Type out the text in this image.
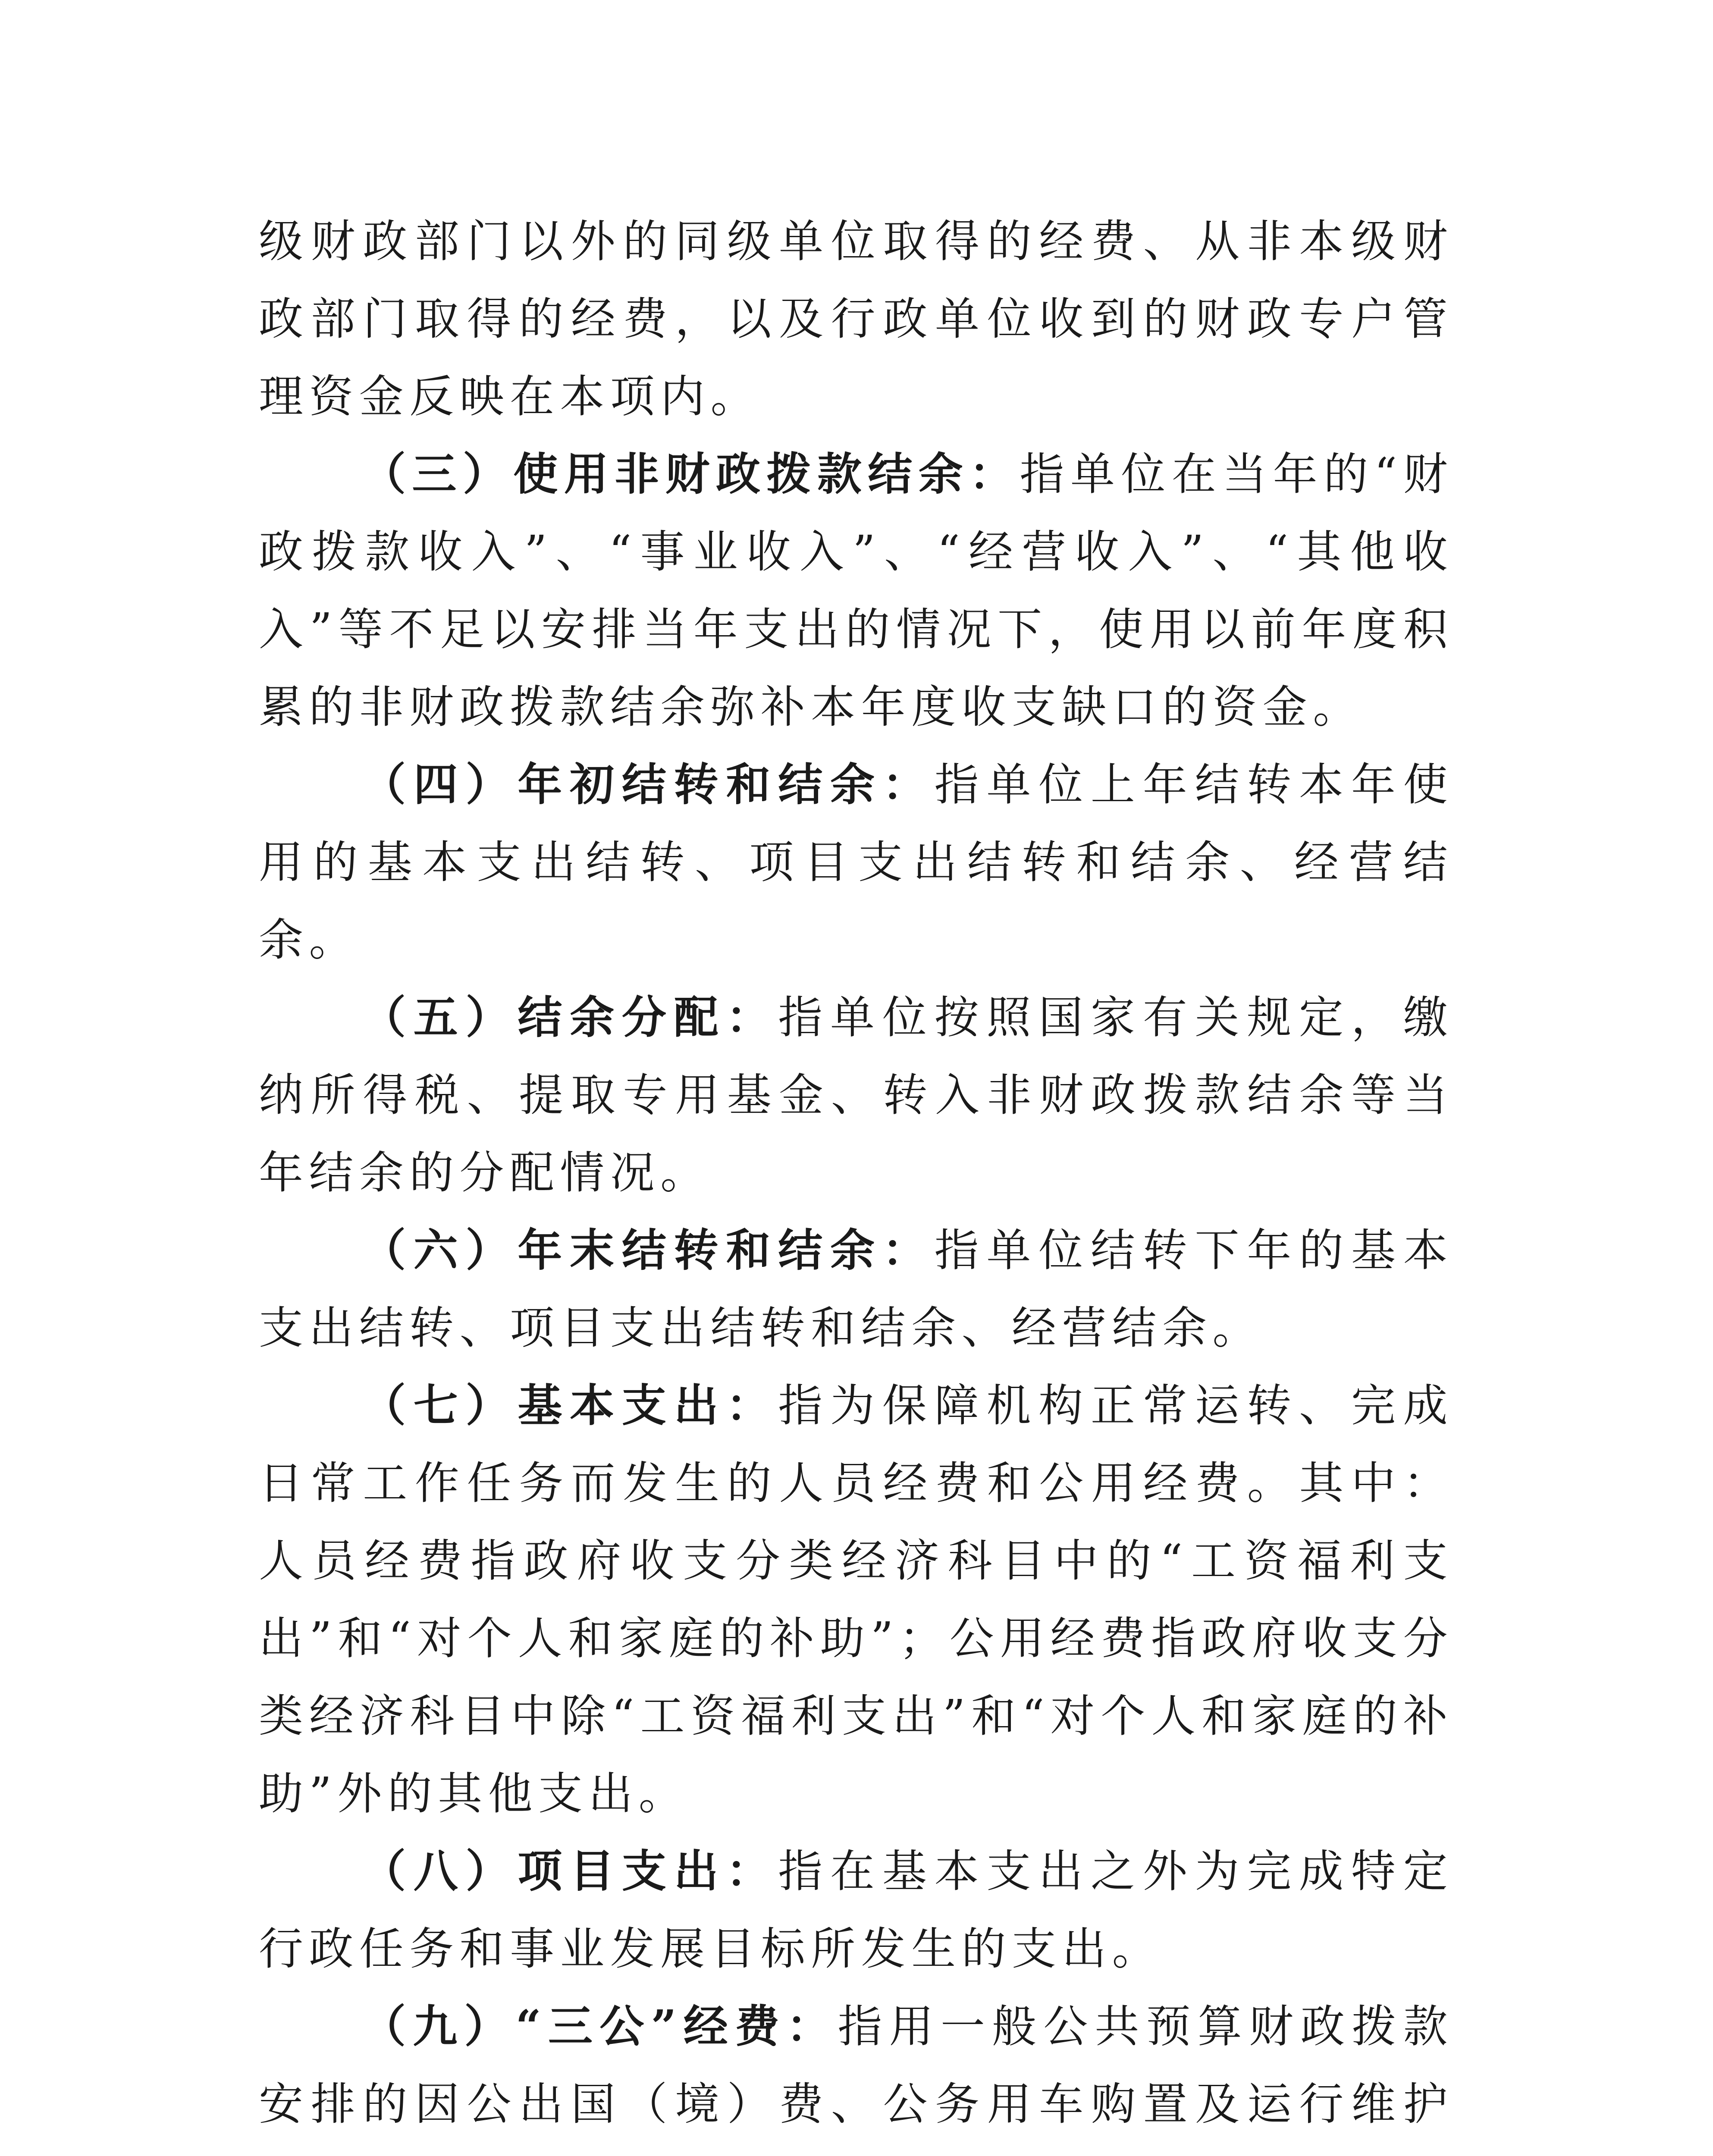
级财政部门以外的同级单位取得的经费、从非本级财政部门取得的经费，以及行政单位收到的财政专户管理资金反映在本项内。

（三）使用非财政拨款结余：指单位在当年的“财政拨款收入”、“事业收入”、“经营收入”、“其他收入”等不足以安排当年支出的情况下，使用以前年度积累的非财政拨款结余弥补本年度收支缺口的资金。

（四）年初结转和结余：指单位上年结转本年使用的基本支出结转、项目支出结转和结余、经营结余。

（五）结余分配：指单位按照国家有关规定，缴纳所得税、提取专用基金、转入非财政拨款结余等当年结余的分配情况。

（六）年末结转和结余：指单位结转下年的基本支出结转、项目支出结转和结余、经营结余。

（七）基本支出：指为保障机构正常运转、完成日常工作任务而发生的人员经费和公用经费。其中：人员经费指政府收支分类经济科目中的“工资福利支出”和“对个人和家庭的补助”；公用经费指政府收支分类经济科目中除“工资福利支出”和“对个人和家庭的补助”外的其他支出。

（八）项目支出：指在基本支出之外为完成特定行政任务和事业发展目标所发生的支出。

（九）“三公”经费：指用一般公共预算财政拨款安排的因公出国（境）费、公务用车购置及运行维护
